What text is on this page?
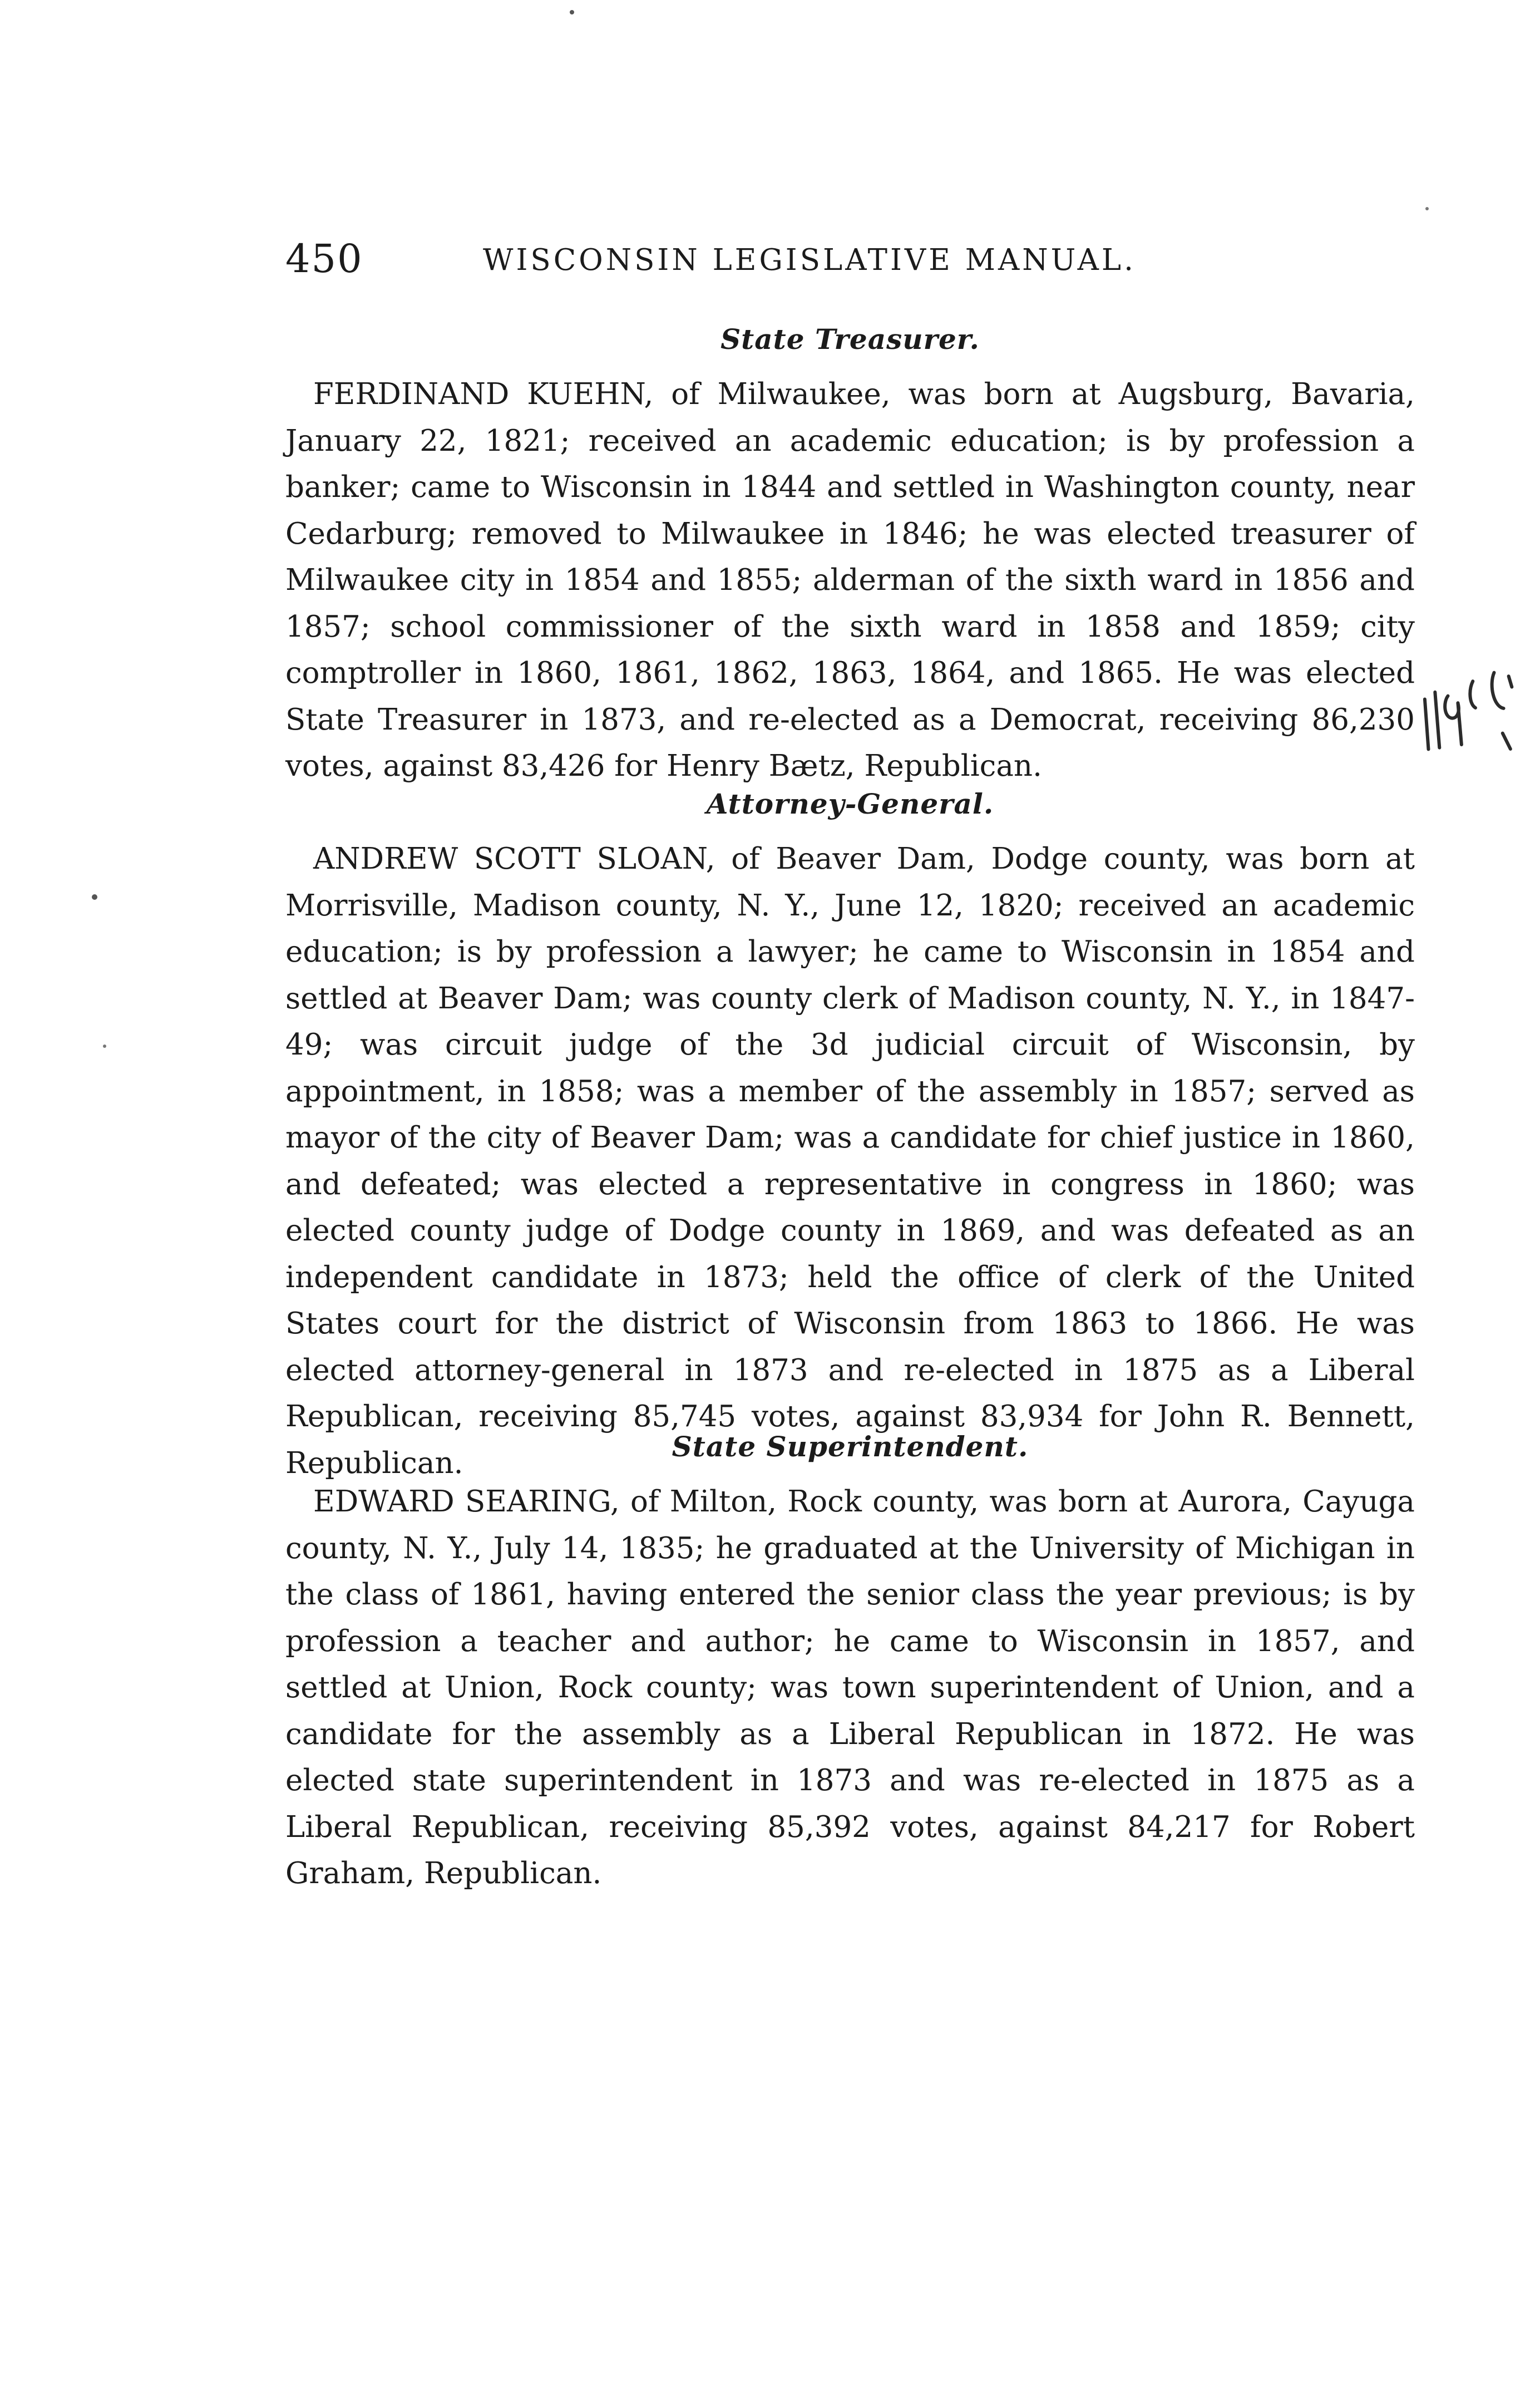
450	WISCONSIN LEGISLATIVE MANUAL.
State Treasurer.

FERDINAND KUEHN, of Milwaukee, was born at Augsburg, Bavaria, January 22, 1821; received an academic education; is by profession a banker; came to Wisconsin in 1844 and settled in Washington county, near Cedarburg; removed to Milwaukee in 1846; he was elected treasurer of Milwaukee city in 1854 and 1855; alderman of the sixth ward in 1856 and 1857; school commissioner of the sixth ward in 1858 and 1859; city comptroller in 1860, 1861, 1862, 1863, 1864, and 1865. He was elected State Treasurer in 1873, and re-elected as a Democrat, receiving 86,230 votes, against 83,426 for Henry Bætz, Republican.

Attorney-General.

ANDREW SCOTT SLOAN, of Beaver Dam, Dodge county, was born at Morrisville, Madison county, N. Y., June 12, 1820; received an academic education; is by profession a lawyer; he came to Wisconsin in 1854 and settled at Beaver Dam; was county clerk of Madison county, N. Y., in 1847-49; was circuit judge of the 3d judicial circuit of Wisconsin, by appointment, in 1858; was a member of the assembly in 1857; served as mayor of the city of Beaver Dam; was a candidate for chief justice in 1860, and defeated; was elected a representative in congress in 1860; was elected county judge of Dodge county in 1869, and was defeated as an independent candidate in 1873; held the office of clerk of the United States court for the district of Wisconsin from 1863 to 1866. He was elected attorney-general in 1873 and re-elected in 1875 as a Liberal Republican, receiving 85,745 votes, against 83,934 for John R. Bennett, Republican.	State Superintendent.

EDWARD SEARING, of Milton, Rock county, was born at Aurora, Cayuga county, N. Y., July 14, 1835; he graduated at the University of Michigan in the class of 1861, having entered the senior class the year previous; is by profession a teacher and author; he came to Wisconsin in 1857, and settled at Union, Rock county; was town superintendent of Union, and a candidate for the assembly as a Liberal Republican in 1872. He was elected state superintendent in 1873 and was re-elected in 1875 as a Liberal Republican, receiving 85,392 votes, against 84,217 for Robert Graham, Republican.
